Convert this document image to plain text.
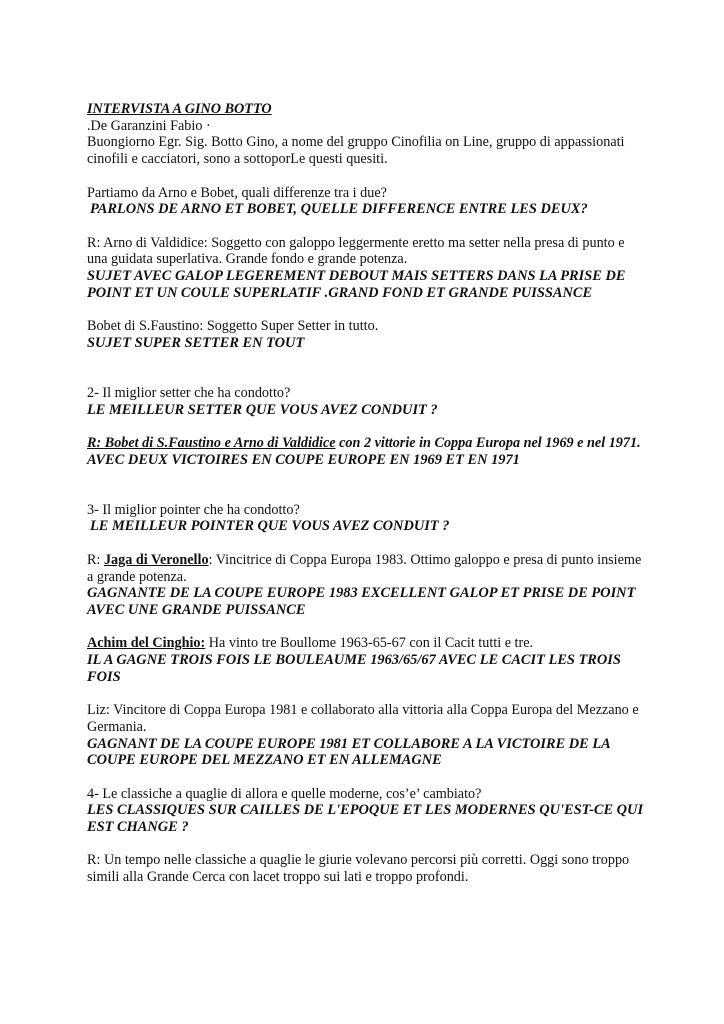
INTERVISTA A GINO BOTTO

.De Garanzini Fabio ·

Buongiorno Egr. Sig. Botto Gino, a nome del gruppo Cinofilia on Line, gruppo di appassionati cinofili e cacciatori, sono a sottoporLe questi quesiti.

Partiamo da Arno e Bobet, quali differenze tra i due?

PARLONS DE ARNO ET BOBET, QUELLE DIFFERENCE ENTRE LES DEUX?

R: Arno di Valdidice: Soggetto con galoppo leggermente eretto ma setter nella presa di punto e una guidata superlativa. Grande fondo e grande potenza.

SUJET AVEC GALOP LEGEREMENT DEBOUT MAIS SETTERS DANS LA PRISE DE POINT ET UN COULE SUPERLATIF .GRAND FOND ET GRANDE PUISSANCE

Bobet di S.Faustino: Soggetto Super Setter in tutto.

SUJET SUPER SETTER EN TOUT

2- Il miglior setter che ha condotto?

LE MEILLEUR SETTER QUE VOUS AVEZ CONDUIT ?

R: Bobet di S.Faustino e Arno di Valdidice con 2 vittorie in Coppa Europa nel 1969 e nel 1971.

AVEC DEUX VICTOIRES EN COUPE EUROPE EN 1969 ET EN 1971

3- Il miglior pointer che ha condotto?

LE MEILLEUR POINTER QUE VOUS AVEZ CONDUIT ?

R: Jaga di Veronello: Vincitrice di Coppa Europa 1983. Ottimo galoppo e presa di punto insieme a grande potenza.

GAGNANTE DE LA COUPE EUROPE 1983 EXCELLENT GALOP ET PRISE DE POINT AVEC UNE GRANDE PUISSANCE

Achim del Cinghio: Ha vinto tre Boullome 1963-65-67 con il Cacit tutti e tre.

IL A GAGNE TROIS FOIS LE BOULEAUME 1963/65/67 AVEC LE CACIT LES TROIS FOIS

Liz: Vincitore di Coppa Europa 1981 e collaborato alla vittoria alla Coppa Europa del Mezzano e Germania.

GAGNANT DE LA COUPE EUROPE 1981 ET COLLABORE A LA VICTOIRE DE LA COUPE EUROPE DEL MEZZANO ET EN ALLEMAGNE

4- Le classiche a quaglie di allora e quelle moderne, cos’e’ cambiato?

LES CLASSIQUES SUR CAILLES DE L'EPOQUE ET LES MODERNES QU'EST-CE QUI EST CHANGE ?

R: Un tempo nelle classiche a quaglie le giurie volevano percorsi più corretti. Oggi sono troppo simili alla Grande Cerca con lacet troppo sui lati e troppo profondi.
